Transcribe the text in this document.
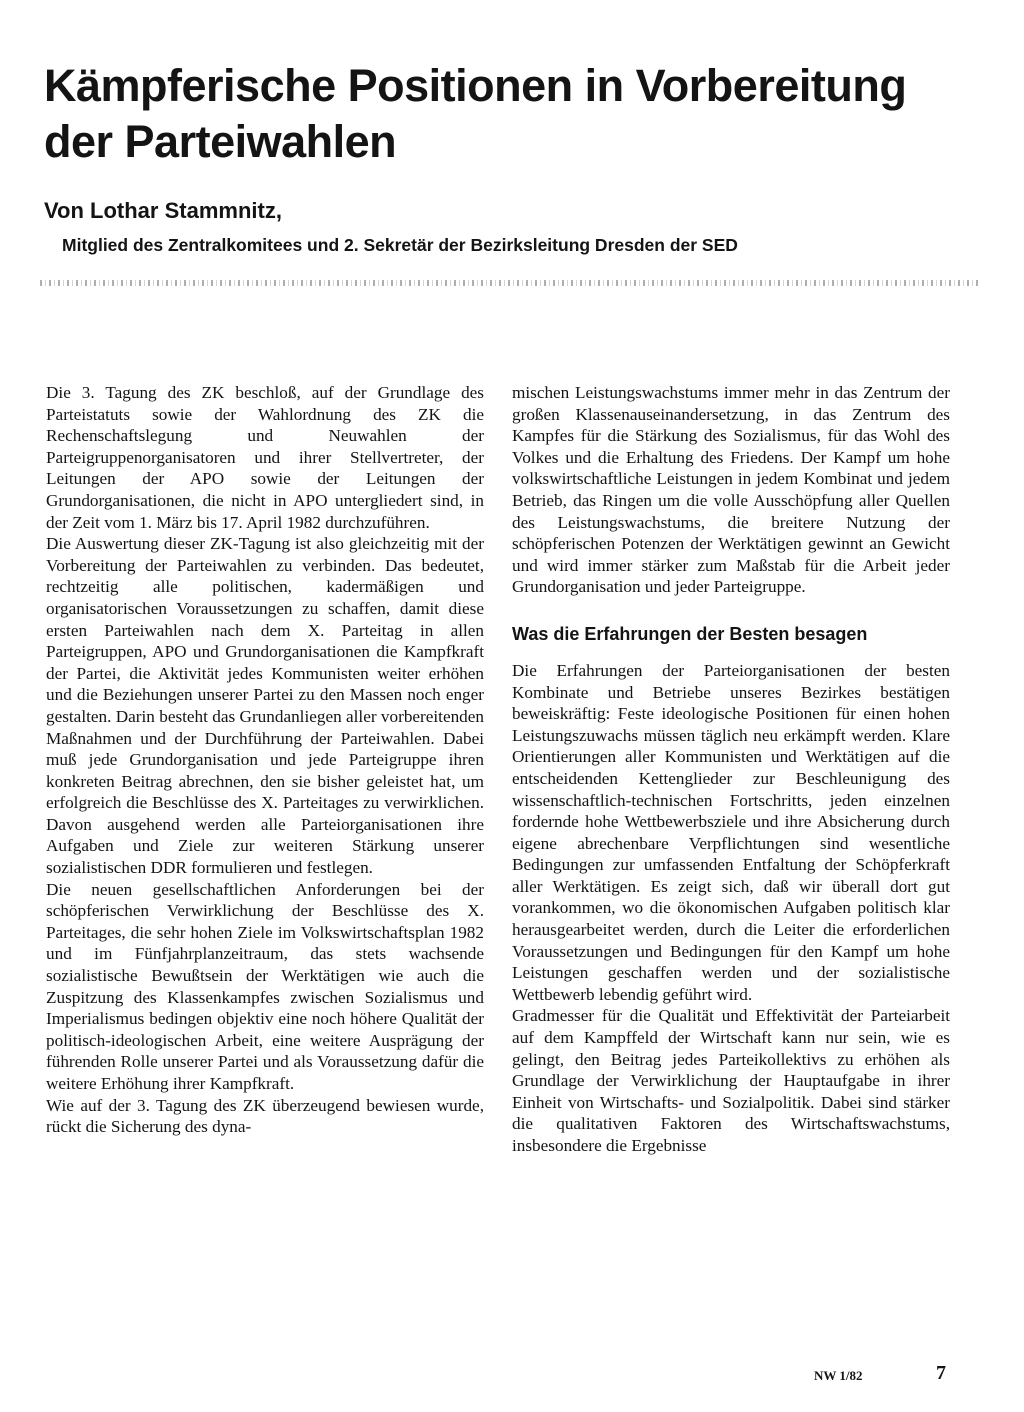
Kämpferische Positionen in Vorbereitung der Parteiwahlen
Von Lothar Stammnitz,
Mitglied des Zentralkomitees und 2. Sekretär der Bezirksleitung Dresden der SED

Die 3. Tagung des ZK beschloß, auf der Grundlage des Parteistatuts sowie der Wahlordnung des ZK die Rechenschaftslegung und Neuwahlen der Parteigruppenorganisatoren und ihrer Stellvertreter, der Leitungen der APO sowie der Leitungen der Grundorganisationen, die nicht in APO untergliedert sind, in der Zeit vom 1. März bis 17. April 1982 durchzuführen.

Die Auswertung dieser ZK-Tagung ist also gleichzeitig mit der Vorbereitung der Parteiwahlen zu verbinden. Das bedeutet, rechtzeitig alle politischen, kadermäßigen und organisatorischen Voraussetzungen zu schaffen, damit diese ersten Parteiwahlen nach dem X. Parteitag in allen Parteigruppen, APO und Grundorganisationen die Kampfkraft der Partei, die Aktivität jedes Kommunisten weiter erhöhen und die Beziehungen unserer Partei zu den Massen noch enger gestalten. Darin besteht das Grundanliegen aller vorbereitenden Maßnahmen und der Durchführung der Parteiwahlen. Dabei muß jede Grundorganisation und jede Parteigruppe ihren konkreten Beitrag abrechnen, den sie bisher geleistet hat, um erfolgreich die Beschlüsse des X. Parteitages zu verwirklichen. Davon ausgehend werden alle Parteiorganisationen ihre Aufgaben und Ziele zur weiteren Stärkung unserer sozialistischen DDR formulieren und festlegen.

Die neuen gesellschaftlichen Anforderungen bei der schöpferischen Verwirklichung der Beschlüsse des X. Parteitages, die sehr hohen Ziele im Volkswirtschaftsplan 1982 und im Fünfjahrplanzeitraum, das stets wachsende sozialistische Bewußtsein der Werktätigen wie auch die Zuspitzung des Klassenkampfes zwischen Sozialismus und Imperialismus bedingen objektiv eine noch höhere Qualität der politisch-ideologischen Arbeit, eine weitere Ausprägung der führenden Rolle unserer Partei und als Voraussetzung dafür die weitere Erhöhung ihrer Kampfkraft.

Wie auf der 3. Tagung des ZK überzeugend bewiesen wurde, rückt die Sicherung des dyna-

mischen Leistungswachstums immer mehr in das Zentrum der großen Klassenauseinandersetzung, in das Zentrum des Kampfes für die Stärkung des Sozialismus, für das Wohl des Volkes und die Erhaltung des Friedens. Der Kampf um hohe volkswirtschaftliche Leistungen in jedem Kombinat und jedem Betrieb, das Ringen um die volle Ausschöpfung aller Quellen des Leistungswachstums, die breitere Nutzung der schöpferischen Potenzen der Werktätigen gewinnt an Gewicht und wird immer stärker zum Maßstab für die Arbeit jeder Grundorganisation und jeder Parteigruppe.

Was die Erfahrungen der Besten besagen

Die Erfahrungen der Parteiorganisationen der besten Kombinate und Betriebe unseres Bezirkes bestätigen beweiskräftig: Feste ideologische Positionen für einen hohen Leistungszuwachs müssen täglich neu erkämpft werden. Klare Orientierungen aller Kommunisten und Werktätigen auf die entscheidenden Kettenglieder zur Beschleunigung des wissenschaftlich-technischen Fortschritts, jeden einzelnen fordernde hohe Wettbewerbsziele und ihre Absicherung durch eigene abrechenbare Verpflichtungen sind wesentliche Bedingungen zur umfassenden Entfaltung der Schöpferkraft aller Werktätigen. Es zeigt sich, daß wir überall dort gut vorankommen, wo die ökonomischen Aufgaben politisch klar herausgearbeitet werden, durch die Leiter die erforderlichen Voraussetzungen und Bedingungen für den Kampf um hohe Leistungen geschaffen werden und der sozialistische Wettbewerb lebendig geführt wird.

Gradmesser für die Qualität und Effektivität der Parteiarbeit auf dem Kampffeld der Wirtschaft kann nur sein, wie es gelingt, den Beitrag jedes Parteikollektivs zu erhöhen als Grundlage der Verwirklichung der Hauptaufgabe in ihrer Einheit von Wirtschafts- und Sozialpolitik. Dabei sind stärker die qualitativen Faktoren des Wirtschaftswachstums, insbesondere die Ergebnisse

NW 1/82	7
